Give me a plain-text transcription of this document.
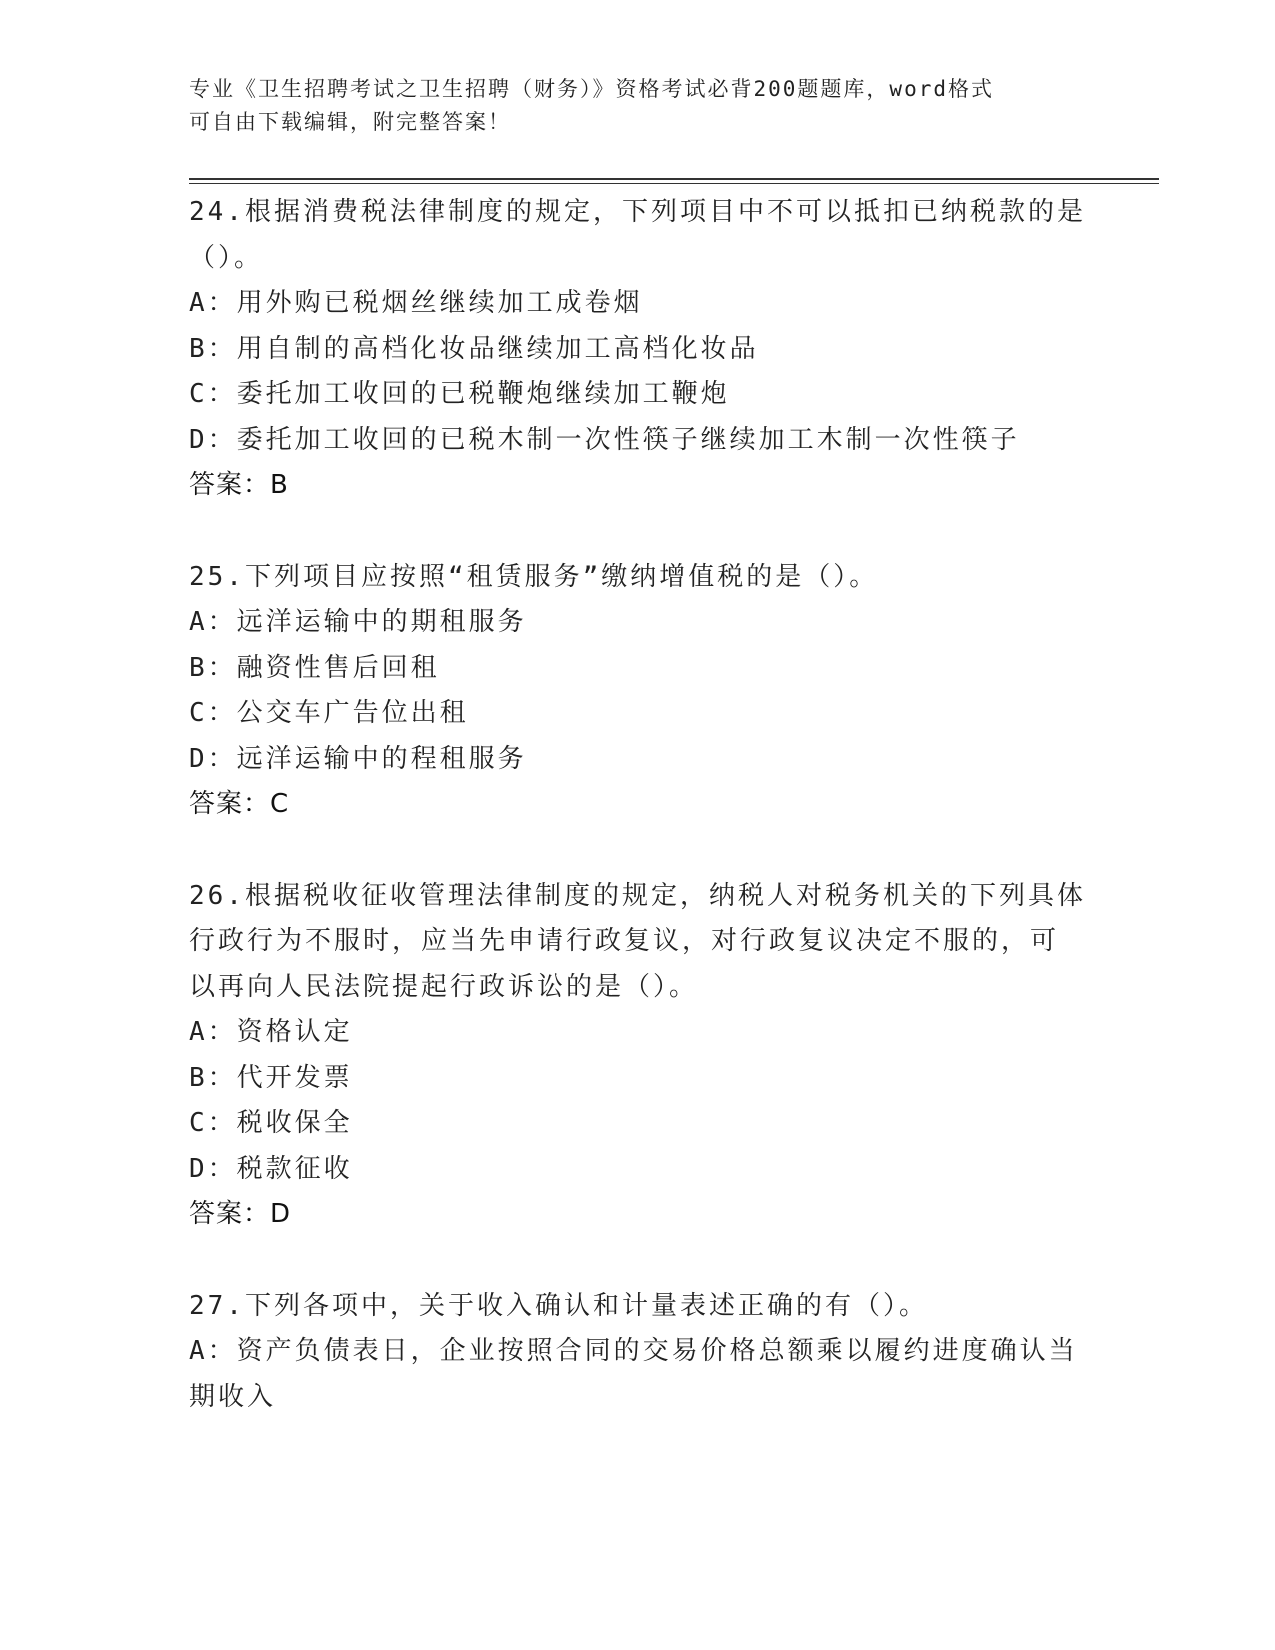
专业《卫生招聘考试之卫生招聘（财务）》资格考试必背200题题库，word格式
可自由下载编辑，附完整答案！
24.根据消费税法律制度的规定，下列项目中不可以抵扣已纳税款的是
（）。
A：用外购已税烟丝继续加工成卷烟
B：用自制的高档化妆品继续加工高档化妆品
C：委托加工收回的已税鞭炮继续加工鞭炮
D：委托加工收回的已税木制一次性筷子继续加工木制一次性筷子
答案：B
25.下列项目应按照“租赁服务”缴纳增值税的是（）。
A：远洋运输中的期租服务
B：融资性售后回租
C：公交车广告位出租
D：远洋运输中的程租服务
答案：C
26.根据税收征收管理法律制度的规定，纳税人对税务机关的下列具体
行政行为不服时，应当先申请行政复议，对行政复议决定不服的，可
以再向人民法院提起行政诉讼的是（）。
A：资格认定
B：代开发票
C：税收保全
D：税款征收
答案：D
27.下列各项中，关于收入确认和计量表述正确的有（）。
A：资产负债表日，企业按照合同的交易价格总额乘以履约进度确认当
期收入
